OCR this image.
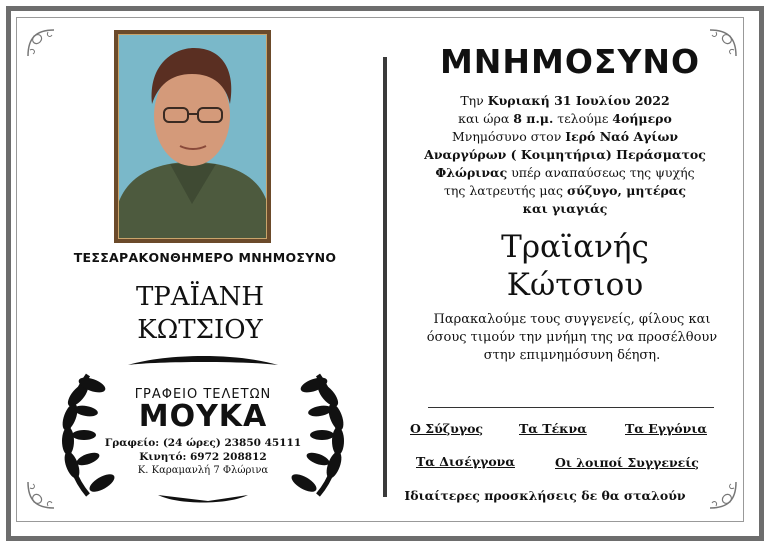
ΤΕΣΣΑΡΑΚΟΝΘΗΜΕΡΟ ΜΝΗΜΟΣΥΝΟ
ΤΡΑΪΑΝΗ
ΚΩΤΣΙΟΥ
ΓΡΑΦΕΙΟ ΤΕΛΕΤΩΝ
ΜΟΥΚΑ
Γραφείο: (24 ώρες) 23850 45111
Κινητό: 6972 208812
Κ. Καραμανλή 7 Φλώρινα
ΜΝΗΜΟΣΥΝΟ
Την Κυριακή 31 Ιουλίου 2022
και ώρα 8 π.μ. τελούμε 4οήμερο
Μνημόσυνο στον Ιερό Ναό Αγίων
Αναργύρων ( Κοιμητήρια) Περάσματος
Φλώρινας υπέρ αναπαύσεως της ψυχής
της λατρευτής μας σύζυγο, μητέρας
και γιαγιάς
Τραϊανής
Κώτσιου
Παρακαλούμε τους συγγενείς, φίλους και όσους τιμούν την μνήμη της να προσέλθουν στην επιμνημόσυνη δέηση.
Ο Σύζυγος	Τα Τέκνα	Τα Εγγόνια
Τα Δισέγγονα	Οι λοιποί Συγγενείς
Ιδιαίτερες προσκλήσεις δε θα σταλούν
